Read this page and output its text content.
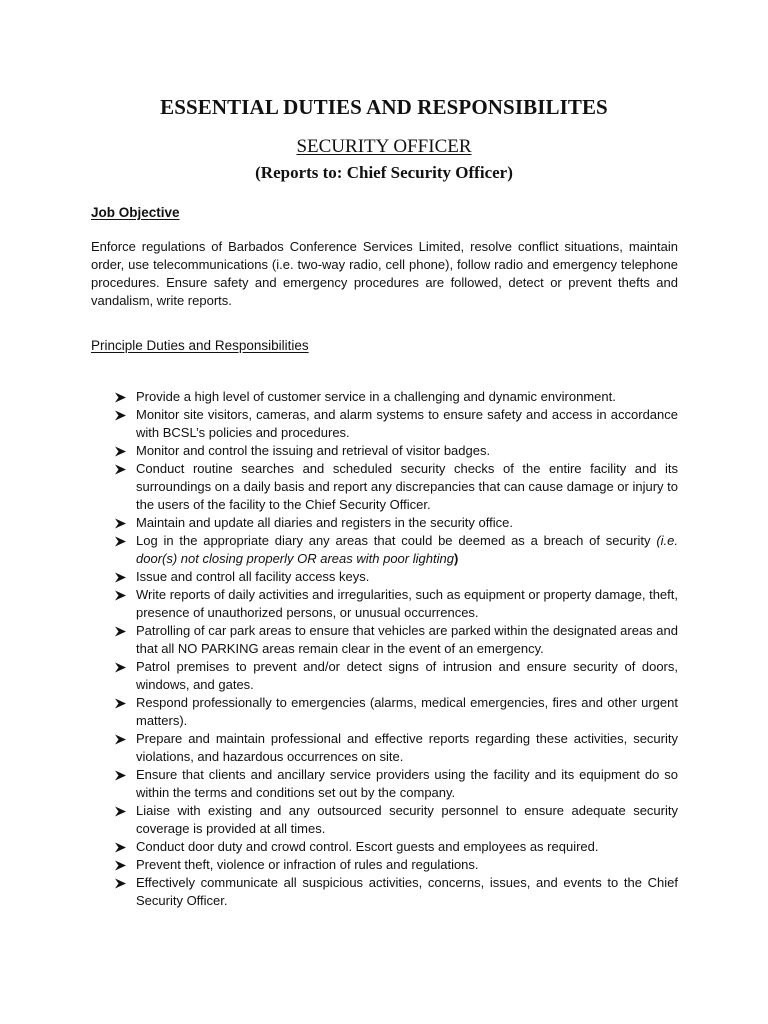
ESSENTIAL DUTIES AND RESPONSIBILITES
SECURITY OFFICER
(Reports to: Chief Security Officer)
Job Objective

Enforce regulations of Barbados Conference Services Limited, resolve conflict situations, maintain order, use telecommunications (i.e. two-way radio, cell phone), follow radio and emergency telephone procedures. Ensure safety and emergency procedures are followed, detect or prevent thefts and vandalism, write reports.

Principle Duties and Responsibilities
Provide a high level of customer service in a challenging and dynamic environment.
Monitor site visitors, cameras, and alarm systems to ensure safety and access in accordance with BCSL’s policies and procedures.
Monitor and control the issuing and retrieval of visitor badges.
Conduct routine searches and scheduled security checks of the entire facility and its surroundings on a daily basis and report any discrepancies that can cause damage or injury to the users of the facility to the Chief Security Officer.
Maintain and update all diaries and registers in the security office.
Log in the appropriate diary any areas that could be deemed as a breach of security (i.e. door(s) not closing properly OR areas with poor lighting)
Issue and control all facility access keys.
Write reports of daily activities and irregularities, such as equipment or property damage, theft, presence of unauthorized persons, or unusual occurrences.
Patrolling of car park areas to ensure that vehicles are parked within the designated areas and that all NO PARKING areas remain clear in the event of an emergency.
Patrol premises to prevent and/or detect signs of intrusion and ensure security of doors, windows, and gates.
Respond professionally to emergencies (alarms, medical emergencies, fires and other urgent matters).
Prepare and maintain professional and effective reports regarding these activities, security violations, and hazardous occurrences on site.
Ensure that clients and ancillary service providers using the facility and its equipment do so within the terms and conditions set out by the company.
Liaise with existing and any outsourced security personnel to ensure adequate security coverage is provided at all times.
Conduct door duty and crowd control. Escort guests and employees as required.
Prevent theft, violence or infraction of rules and regulations.
Effectively communicate all suspicious activities, concerns, issues, and events to the Chief Security Officer.
